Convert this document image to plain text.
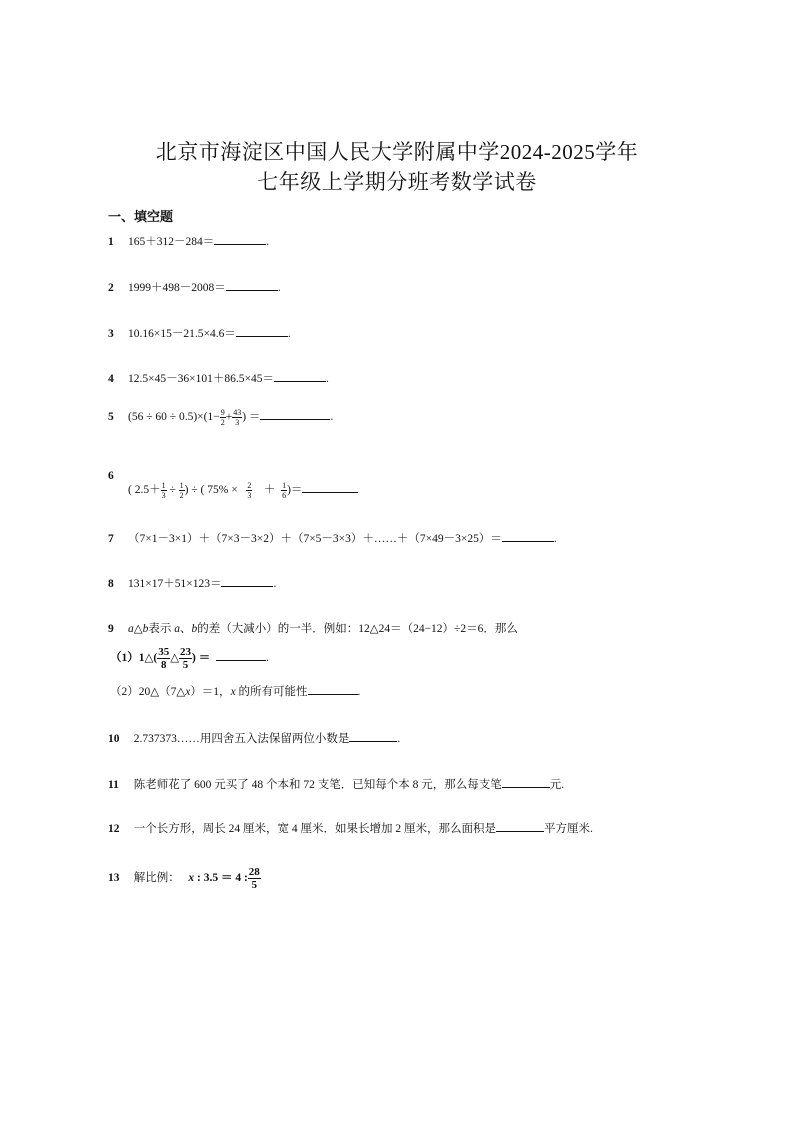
北京市海淀区中国人民大学附属中学2024-2025学年
七年级上学期分班考数学试卷
一、填空题
1 165＋312－284＝	.
2 1999＋498－2008＝	.
3 10.16×15－21.5×4.6＝	.
4 12.5×45－36×101＋86.5×45＝	.
5 $(56 \div 60 \div 0.5)\times(1- \frac{9}{2} + \frac{43}{3}$ ) ＝	.
6
( $2.5+ \frac{1}{3} \div \frac{1}{2}$ ) ÷ ( $75\% \times \frac{2}{3} + \frac{1}{6}$ )＝
7 （7×1－3×1）＋（7×3－3×2）＋（7×5－3×3）＋……＋（7×49－3×25）＝	.
8 131×17＋51×123＝	.
9 a△b表示 a、b的差（大减小）的一半．例如：12△24＝（24−12）÷2＝6．那么
（1）1△( $\frac{35}{8}$ △ $\frac{23}{5}$ ) ＝	.
（2）20△（7△x）＝1，x 的所有可能性	.
10 2.737373……用四舍五入法保留两位小数是	.
11 陈老师花了 600 元买了 48 个本和 72 支笔．已知每个本 8 元，那么每支笔	元.
12 一个长方形，周长 24 厘米，宽 4 厘米．如果长增加 2 厘米，那么面积是	平方厘米.
13 解比例： x : 3.5 ＝ 4 : $\frac{28}{5}$
